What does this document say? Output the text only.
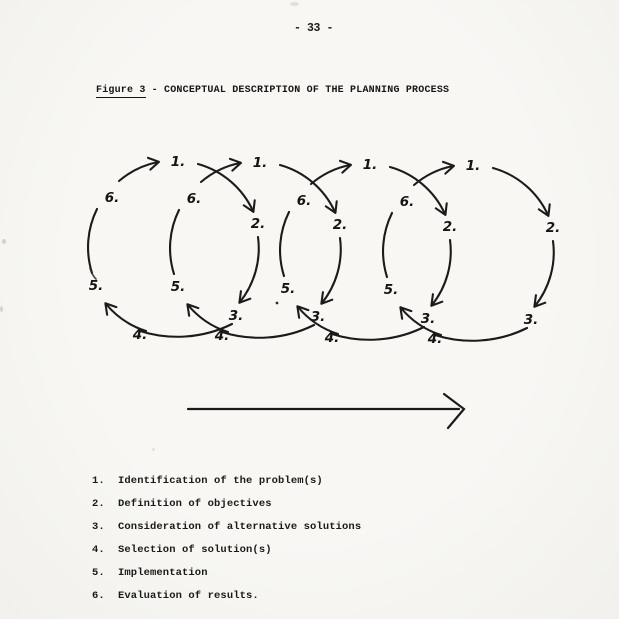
- 33 -
Figure 3 - CONCEPTUAL DESCRIPTION OF THE PLANNING PROCESS
1.
2.
3.
4.
5.
6.
1.
2.
3.
4.
5.
6.
1.
2.
3.
4.
5.
6.
1.
2.
3.
4.
5.
6.
1.	Identification of the problem(s)
2.	Definition of objectives
3.	Consideration of alternative solutions
4.	Selection of solution(s)
5.	Implementation
6.	Evaluation of results.
